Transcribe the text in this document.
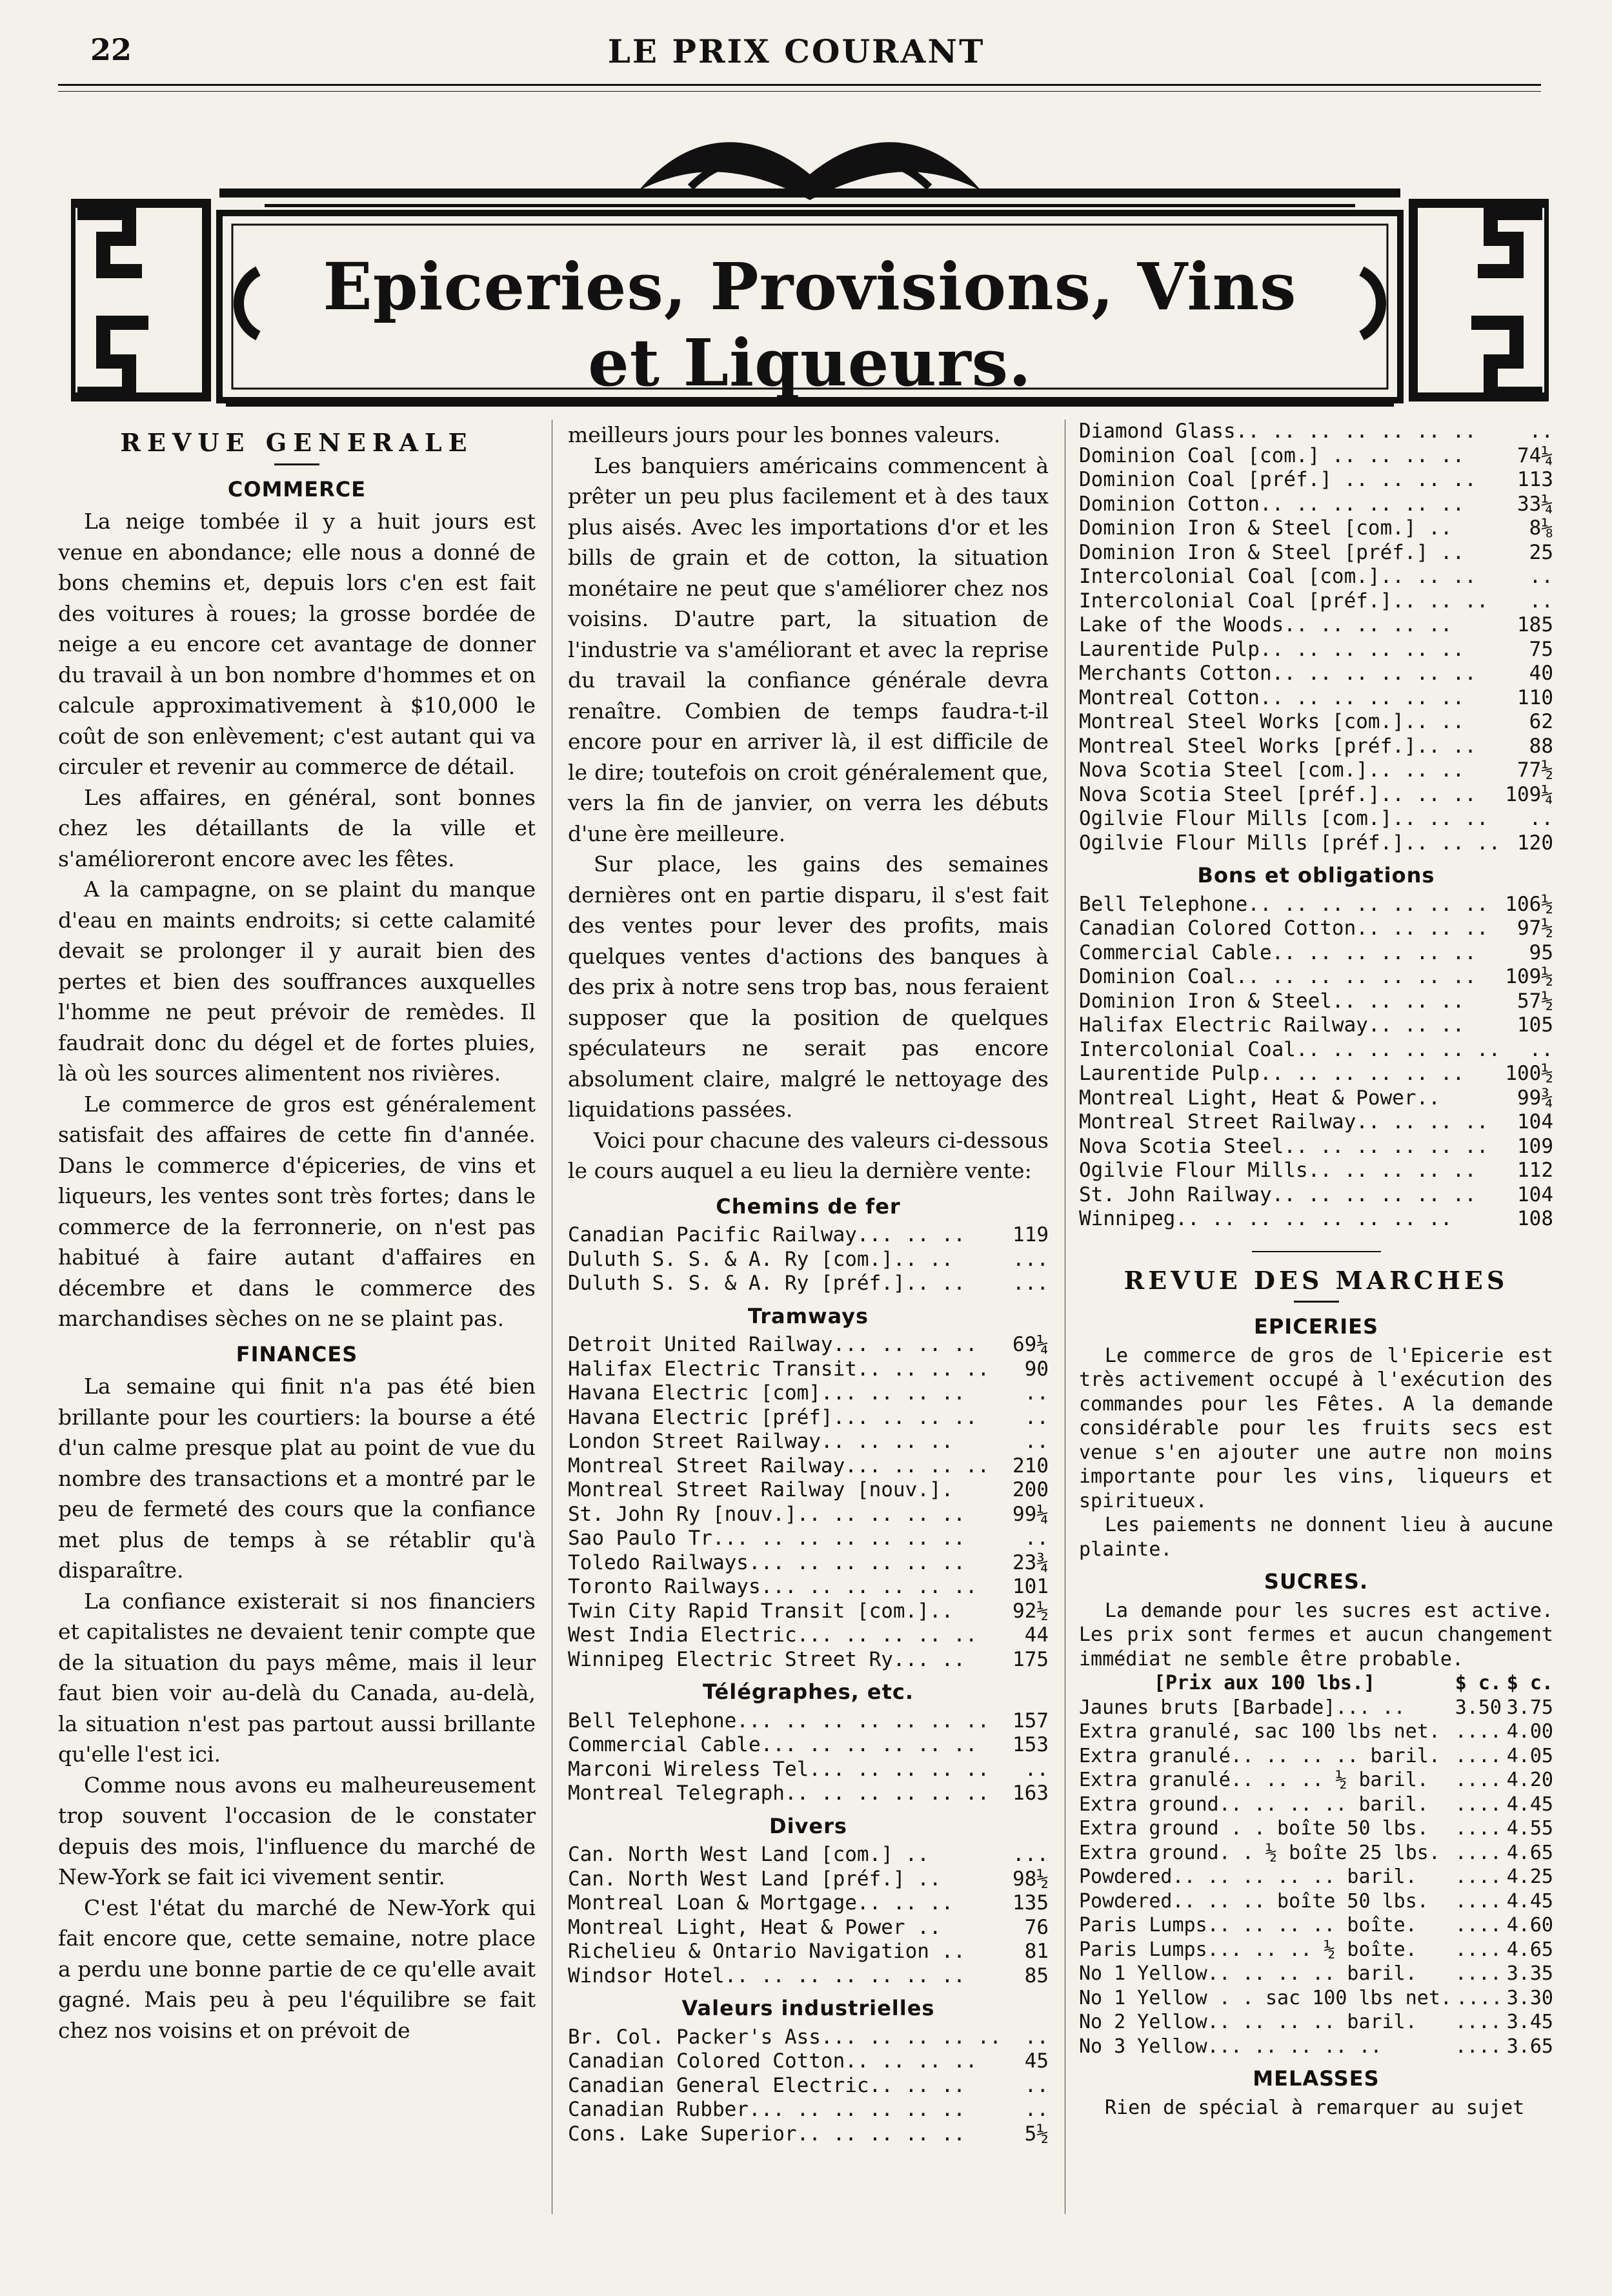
LE PRIX COURANT
22
Epiceries, Provisions, Vins et Liqueurs.
REVUE GENERALE
COMMERCE

La neige tombée il y a huit jours est venue en abondance; elle nous a donné de bons chemins et, depuis lors c'en est fait des voitures à roues; la grosse bordée de neige a eu encore cet avantage de donner du travail à un bon nombre d'hommes et on calcule approximativement à $10,000 le coût de son enlèvement; c'est autant qui va circuler et revenir au commerce de détail.

Les affaires, en général, sont bonnes chez les détaillants de la ville et s'amélioreront encore avec les fêtes.

A la campagne, on se plaint du manque d'eau en maints endroits; si cette calamité devait se prolonger il y aurait bien des pertes et bien des souffrances auxquelles l'homme ne peut prévoir de remèdes. Il faudrait donc du dégel et de fortes pluies, là où les sources alimentent nos rivières.

Le commerce de gros est généralement satisfait des affaires de cette fin d'année. Dans le commerce d'épiceries, de vins et liqueurs, les ventes sont très fortes; dans le commerce de la ferronnerie, on n'est pas habitué à faire autant d'affaires en décembre et dans le commerce des marchandises sèches on ne se plaint pas.

FINANCES

La semaine qui finit n'a pas été bien brillante pour les courtiers: la bourse a été d'un calme presque plat au point de vue du nombre des transactions et a montré par le peu de fermeté des cours que la confiance met plus de temps à se rétablir qu'à disparaître.

La confiance existerait si nos financiers et capitalistes ne devaient tenir compte que de la situation du pays même, mais il leur faut bien voir au-delà du Canada, au-delà, la situation n'est pas partout aussi brillante qu'elle l'est ici.

Comme nous avons eu malheureusement trop souvent l'occasion de le constater depuis des mois, l'influence du marché de New-York se fait ici vivement sentir.

C'est l'état du marché de New-York qui fait encore que, cette semaine, notre place a perdu une bonne partie de ce qu'elle avait gagné. Mais peu à peu l'équilibre se fait chez nos voisins et on prévoit de

meilleurs jours pour les bonnes valeurs.

Les banquiers américains commencent à prêter un peu plus facilement et à des taux plus aisés. Avec les importations d'or et les bills de grain et de cotton, la situation monétaire ne peut que s'améliorer chez nos voisins. D'autre part, la situation de l'industrie va s'améliorant et avec la reprise du travail la confiance générale devra renaître. Combien de temps faudra-t-il encore pour en arriver là, il est difficile de le dire; toutefois on croit généralement que, vers la fin de janvier, on verra les débuts d'une ère meilleure.

Sur place, les gains des semaines dernières ont en partie disparu, il s'est fait des ventes pour lever des profits, mais quelques ventes d'actions des banques à des prix à notre sens trop bas, nous feraient supposer que la position de quelques spéculateurs ne serait pas encore absolument claire, malgré le nettoyage des liquidations passées.

Voici pour chacune des valeurs ci-dessous le cours auquel a eu lieu la dernière vente:

Chemins de fer
Canadian Pacific Railway... .. ..	119
Duluth S. S. & A. Ry [com.].. ..	...
Duluth S. S. & A. Ry [préf.].. ..	...
Tramways
Detroit United Railway... .. .. ..	69¼
Halifax Electric Transit.. .. .. ..	90
Havana Electric [com]... .. .. ..	..
Havana Electric [préf]... .. .. ..	..
London Street Railway.. .. .. ..	..
Montreal Street Railway... .. .. ..	210
Montreal Street Railway [nouv.].	200
St. John Ry [nouv.].. .. .. .. ..	99¼
Sao Paulo Tr... .. .. .. .. .. ..	..
Toledo Railways... .. .. .. .. ..	23¾
Toronto Railways... .. .. .. .. ..	101
Twin City Rapid Transit [com.]..	92½
West India Electric... .. .. .. ..	44
Winnipeg Electric Street Ry... ..	175
Télégraphes, etc.
Bell Telephone... .. .. .. .. .. ..	157
Commercial Cable... .. .. .. .. ..	153
Marconi Wireless Tel... .. .. .. ..	..
Montreal Telegraph.. .. .. .. .. ..	163
Divers
Can. North West Land [com.] ..	...
Can. North West Land [préf.] ..	98½
Montreal Loan & Mortgage.. .. ..	135
Montreal Light, Heat & Power ..	76
Richelieu & Ontario Navigation ..	81
Windsor Hotel.. .. .. .. .. .. ..	85
Valeurs industrielles
Br. Col. Packer's Ass... .. .. .. ..	..
Canadian Colored Cotton.. .. .. ..	45
Canadian General Electric.. .. ..	..
Canadian Rubber... .. .. .. .. ..	..
Cons. Lake Superior.. .. .. .. ..	5½
Diamond Glass.. .. .. .. .. .. ..	..
Dominion Coal [com.] .. .. .. ..	74¼
Dominion Coal [préf.] .. .. .. ..	113
Dominion Cotton.. .. .. .. .. ..	33¼
Dominion Iron & Steel [com.] ..	8⅛
Dominion Iron & Steel [préf.] ..	25
Intercolonial Coal [com.].. .. ..	..
Intercolonial Coal [préf.].. .. ..	..
Lake of the Woods.. .. .. .. ..	185
Laurentide Pulp.. .. .. .. .. ..	75
Merchants Cotton.. .. .. .. .. ..	40
Montreal Cotton.. .. .. .. .. ..	110
Montreal Steel Works [com.].. ..	62
Montreal Steel Works [préf.].. ..	88
Nova Scotia Steel [com.].. .. ..	77½
Nova Scotia Steel [préf.].. .. .. 109¼
Ogilvie Flour Mills [com.].. .. ..	..
Ogilvie Flour Mills [préf.].. .. .. 120
Bons et obligations
Bell Telephone.. .. .. .. .. .. .. 106½
Canadian Colored Cotton.. .. .. ..	97½
Commercial Cable.. .. .. .. .. ..	95
Dominion Coal.. .. .. .. .. .. .. 109½
Dominion Iron & Steel.. .. .. ..	57½
Halifax Electric Railway.. .. ..	105
Intercolonial Coal.. .. .. .. .. ..	..
Laurentide Pulp.. .. .. .. .. .. 100½
Montreal Light, Heat & Power..	99¾
Montreal Street Railway.. .. .. ..	104
Nova Scotia Steel.. .. .. .. .. ..	109
Ogilvie Flour Mills.. .. .. .. ..	112
St. John Railway.. .. .. .. .. ..	104
Winnipeg.. .. .. .. .. .. .. ..	108
REVUE DES MARCHES
EPICERIES

Le commerce de gros de l'Epicerie est très activement occupé à l'exécution des commandes pour les Fêtes. A la demande considérable pour les fruits secs est venue s'en ajouter une autre non moins importante pour les vins, liqueurs et spiritueux.

Les paiements ne donnent lieu à aucune plainte.

SUCRES.

La demande pour les sucres est active. Les prix sont fermes et aucun changement immédiat ne semble être probable.

[Prix aux 100 lbs.]	$ c. $ c.
Jaunes bruts [Barbade]... ..	3.50 3.75
Extra granulé, sac 100 lbs net. .... 4.00
Extra granulé.. .. .. .. baril. .... 4.05
Extra granulé.. .. .. ½ baril.	.... 4.20
Extra ground.. .. .. .. baril.	.... 4.45
Extra ground . . boîte 50 lbs.	.... 4.55
Extra ground. . ½ boîte 25 lbs. .... 4.65
Powdered.. .. .. .. .. baril.	.... 4.25
Powdered.. .. .. boîte 50 lbs.	.... 4.45
Paris Lumps.. .. .. .. boîte.	.... 4.60
Paris Lumps... .. .. ½ boîte.	.... 4.65
No 1 Yellow.. .. .. .. baril.	.... 3.35
No 1 Yellow . . sac 100 lbs net. .... 3.30
No 2 Yellow.. .. .. .. baril.	.... 3.45
No 3 Yellow... .. .. .. ..	.... 3.65
MELASSES

Rien de spécial à remarquer au sujet
